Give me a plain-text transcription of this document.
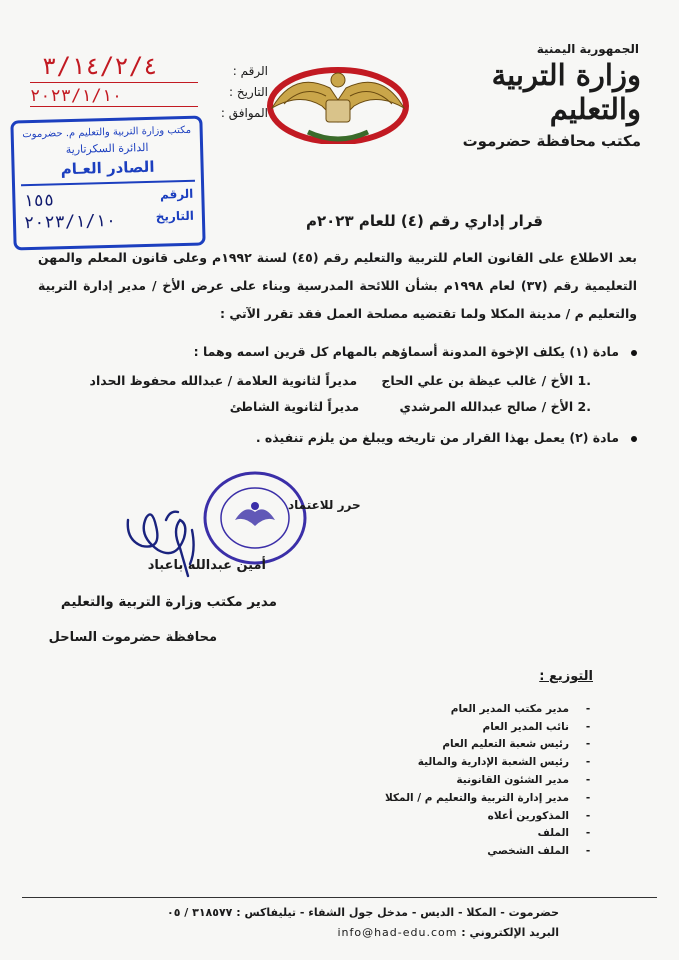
الجمهورية اليمنية
وزارة التربية والتعليم
مكتب محافظة حضرموت
الرقم :
التاريخ :
الموافق :
٣/١٤/٢/٤
٢٠٢٣/١/١٠
مكتب وزارة التربية والتعليم م. حضرموت
الدائرة السكرتارية
الصادر العـام
الرقم
١٥٥
التاريخ
٢٠٢٣/١/١٠	قرار إداري رقم (٤) للعام ٢٠٢٣م
بعد الاطلاع على القانون العام للتربية والتعليم رقم (٤٥) لسنة ١٩٩٢م وعلى قانون المعلم والمهن التعليمية رقم (٣٧) لعام ١٩٩٨م بشأن اللائحة المدرسية وبناء على عرض الأخ / مدير إدارة التربية والتعليم م / مدينة المكلا ولما تقتضيه مصلحة العمل فقد تقرر الآتي :
مادة (١) يكلف الإخوة المدونة أسماؤهم بالمهام كل قرين اسمه وهما :
.1 الأخ / غالب عيظة بن علي الحاج مديراً لثانوية العلامة / عبدالله محفوظ الحداد
.2 الأخ / صالح عبدالله المرشدي مديراً لثانوية الشاطئ
مادة (٢) يعمل بهذا القرار من تاريخه ويبلغ من يلزم تنفيذه .
حرر للاعتماد
أمين عبدالله باعباد
مدير مكتب وزارة التربية والتعليم
محافظة حضرموت الساحل
التوزيع :
-
مدير مكتب المدير العام
-
نائب المدير العام
-
رئيس شعبة التعليم العام
-
رئيس الشعبة الإدارية والمالية
-
مدير الشئون القانونية
-
مدير إدارة التربية والتعليم م / المكلا
-
المذكورين أعلاه
-
الملف
-
الملف الشخصي
حضرموت - المكلا - الديس - مدخل جول الشفاء - تيليفاكس : ٣١٨٥٧٧ / ٠٥
البريد الإلكتروني : info@had-edu.com
